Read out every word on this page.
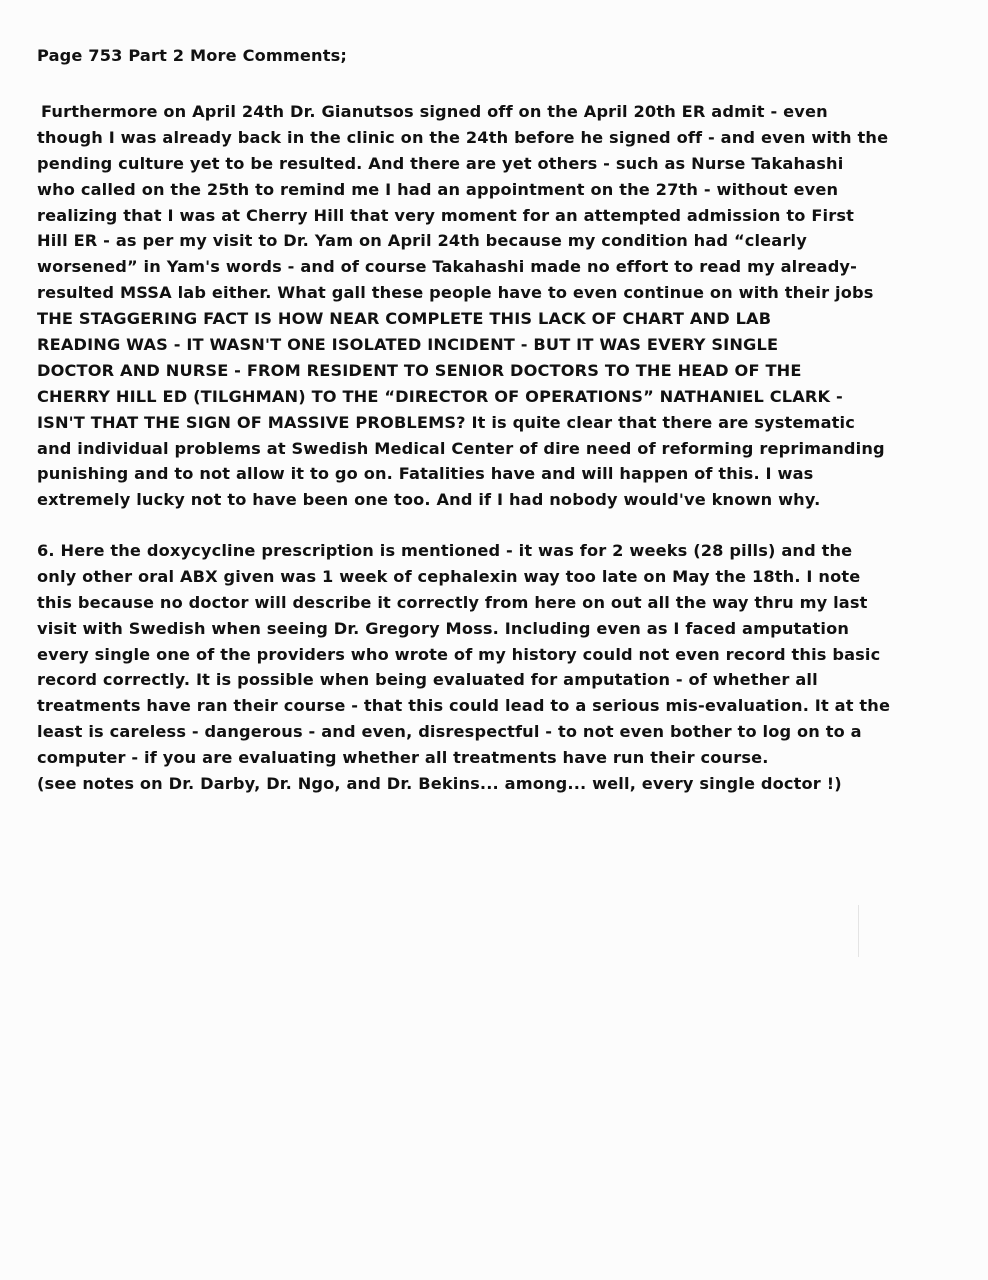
Page 753 Part 2 More Comments;
Furthermore on April 24th Dr. Gianutsos signed off on the April 20th ER admit - even
though I was already back in the clinic on the 24th before he signed off - and even with the
pending culture yet to be resulted. And there are yet others - such as Nurse Takahashi
who called on the 25th to remind me I had an appointment on the 27th - without even
realizing that I was at Cherry Hill that very moment for an attempted admission to First
Hill ER - as per my visit to Dr. Yam on April 24th because my condition had “clearly
worsened” in Yam's words - and of course Takahashi made no effort to read my already-
resulted MSSA lab either. What gall these people have to even continue on with their jobs
THE STAGGERING FACT IS HOW NEAR COMPLETE THIS LACK OF CHART AND LAB
READING WAS - IT WASN'T ONE ISOLATED INCIDENT - BUT IT WAS EVERY SINGLE
DOCTOR AND NURSE - FROM RESIDENT TO SENIOR DOCTORS TO THE HEAD OF THE
CHERRY HILL ED (TILGHMAN) TO THE “DIRECTOR OF OPERATIONS” NATHANIEL CLARK -
ISN'T THAT THE SIGN OF MASSIVE PROBLEMS? It is quite clear that there are systematic
and individual problems at Swedish Medical Center of dire need of reforming reprimanding
punishing and to not allow it to go on. Fatalities have and will happen of this. I was
extremely lucky not to have been one too. And if I had nobody would've known why.
6. Here the doxycycline prescription is mentioned - it was for 2 weeks (28 pills) and the
only other oral ABX given was 1 week of cephalexin way too late on May the 18th. I note
this because no doctor will describe it correctly from here on out all the way thru my last
visit with Swedish when seeing Dr. Gregory Moss. Including even as I faced amputation
every single one of the providers who wrote of my history could not even record this basic
record correctly. It is possible when being evaluated for amputation - of whether all
treatments have ran their course - that this could lead to a serious mis-evaluation. It at the
least is careless - dangerous - and even, disrespectful - to not even bother to log on to a
computer - if you are evaluating whether all treatments have run their course.
(see notes on Dr. Darby, Dr. Ngo, and Dr. Bekins... among... well, every single doctor !)
